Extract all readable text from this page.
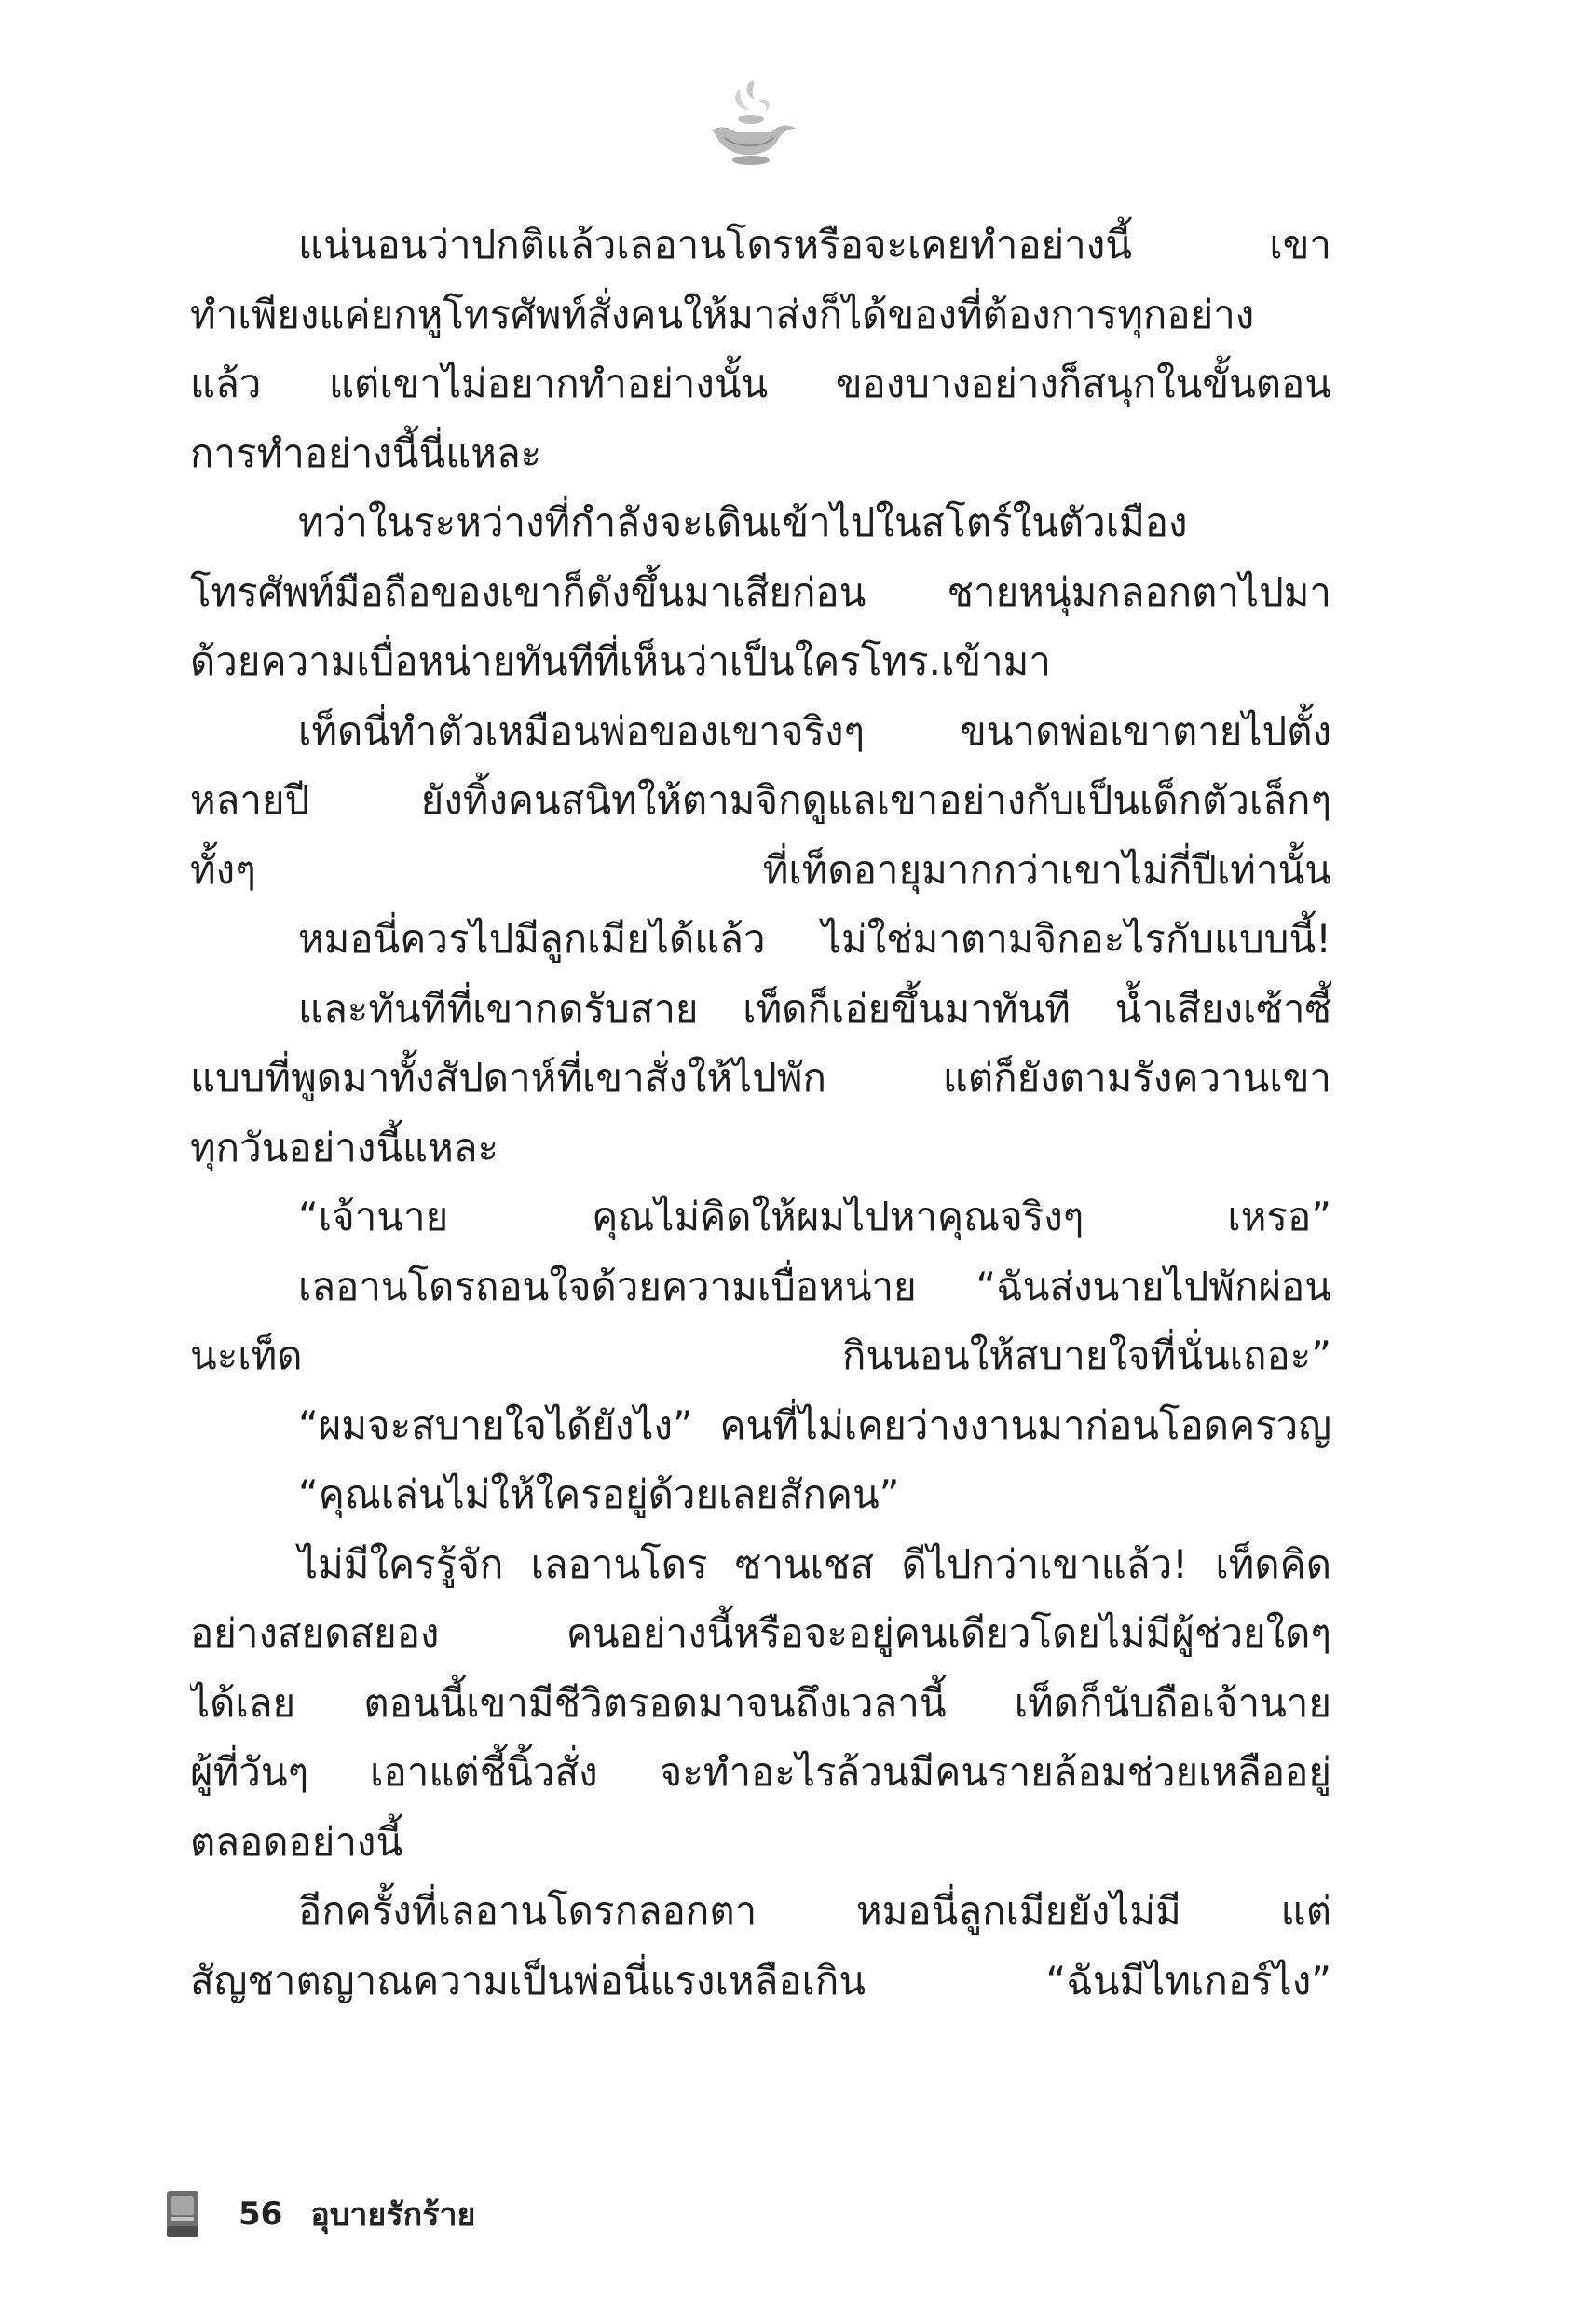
แน่นอนว่าปกติแล้วเลอานโดรหรือจะเคยทำอย่างนี้	เขา
ทำเพียงแค่ยกหูโทรศัพท์สั่งคนให้มาส่งก็ได้ของที่ต้องการทุกอย่าง
แล้ว แต่เขาไม่อยากทำอย่างนั้น ของบางอย่างก็สนุกในขั้นตอน
การทำอย่างนี้นี่แหละ
ทว่าในระหว่างที่กำลังจะเดินเข้าไปในสโตร์ในตัวเมือง
โทรศัพท์มือถือของเขาก็ดังขึ้นมาเสียก่อน ชายหนุ่มกลอกตาไปมา
ด้วยความเบื่อหน่ายทันทีที่เห็นว่าเป็นใครโทร.เข้ามา
เท็ดนี่ทำตัวเหมือนพ่อของเขาจริงๆ ขนาดพ่อเขาตายไปตั้ง
หลายปี	ยังทิ้งคนสนิทให้ตามจิกดูแลเขาอย่างกับเป็นเด็กตัวเล็กๆ
ทั้งๆ	ที่เท็ดอายุมากกว่าเขาไม่กี่ปีเท่านั้น
หมอนี่ควรไปมีลูกเมียได้แล้ว ไม่ใช่มาตามจิกอะไรกับแบบนี้!
และทันทีที่เขากดรับสาย เท็ดก็เอ่ยขึ้นมาทันที น้ำเสียงเซ้าซี้
แบบที่พูดมาทั้งสัปดาห์ที่เขาสั่งให้ไปพัก	แต่ก็ยังตามรังควานเขา
ทุกวันอย่างนี้แหละ
“เจ้านาย	คุณไม่คิดให้ผมไปหาคุณจริงๆ	เหรอ”
เลอานโดรถอนใจด้วยความเบื่อหน่าย “ฉันส่งนายไปพักผ่อน
นะเท็ด	กินนอนให้สบายใจที่นั่นเถอะ”
“ผมจะสบายใจได้ยังไง” คนที่ไม่เคยว่างงานมาก่อนโอดครวญ
“คุณเล่นไม่ให้ใครอยู่ด้วยเลยสักคน”
ไม่มีใครรู้จัก เลอานโดร ซานเชส ดีไปกว่าเขาแล้ว! เท็ดคิด
อย่างสยดสยอง	คนอย่างนี้หรือจะอยู่คนเดียวโดยไม่มีผู้ช่วยใดๆ
ได้เลย ตอนนี้เขามีชีวิตรอดมาจนถึงเวลานี้ เท็ดก็นับถือเจ้านาย
ผู้ที่วันๆ เอาแต่ชี้นิ้วสั่ง จะทำอะไรล้วนมีคนรายล้อมช่วยเหลืออยู่
ตลอดอย่างนี้
อีกครั้งที่เลอานโดรกลอกตา	หมอนี่ลูกเมียยังไม่มี	แต่
สัญชาตญาณความเป็นพ่อนี่แรงเหลือเกิน	“ฉันมีไทเกอร์ไง”
56 อุบายรักร้าย
